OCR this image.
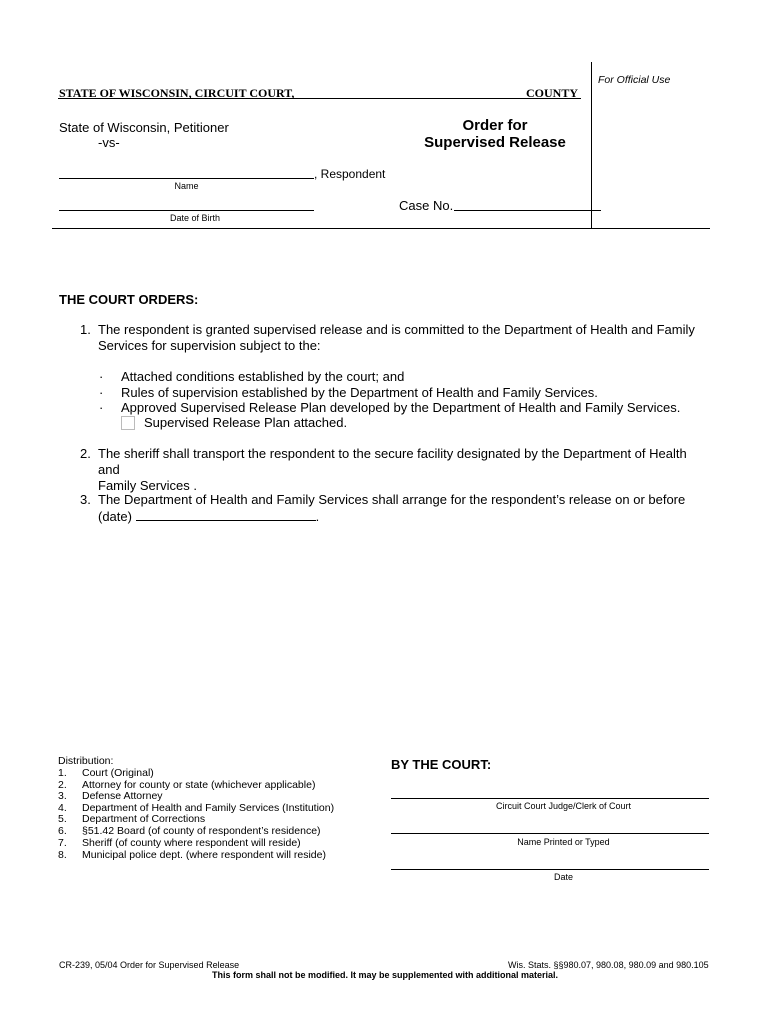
For Official Use
STATE OF WISCONSIN, CIRCUIT COURT,	COUNTY
State of Wisconsin, Petitioner
-vs-
Order for
Supervised Release
, Respondent
Name
Date of Birth
Case No.
THE COURT ORDERS:
1. The respondent is granted supervised release and is committed to the Department of Health and Family
Services for supervision subject to the:
· Attached conditions established by the court; and
· Rules of supervision established by the Department of Health and Family Services.
· Approved Supervised Release Plan developed by the Department of Health and Family Services.
Supervised Release Plan attached.
2. The sheriff shall transport the respondent to the secure facility designated by the Department of Health and
Family Services .
3. The Department of Health and Family Services shall arrange for the respondent’s release on or before
(date)	.
Distribution:
1. Court (Original)
2. Attorney for county or state (whichever applicable)
3. Defense Attorney
4. Department of Health and Family Services (Institution)
5. Department of Corrections
6. §51.42 Board (of county of respondent’s residence)
7. Sheriff (of county where respondent will reside)
8. Municipal police dept. (where respondent will reside)
BY THE COURT:
Circuit Court Judge/Clerk of Court
Name Printed or Typed
Date
CR-239, 05/04 Order for Supervised Release	Wis. Stats. §§980.07, 980.08, 980.09 and 980.105
This form shall not be modified. It may be supplemented with additional material.
